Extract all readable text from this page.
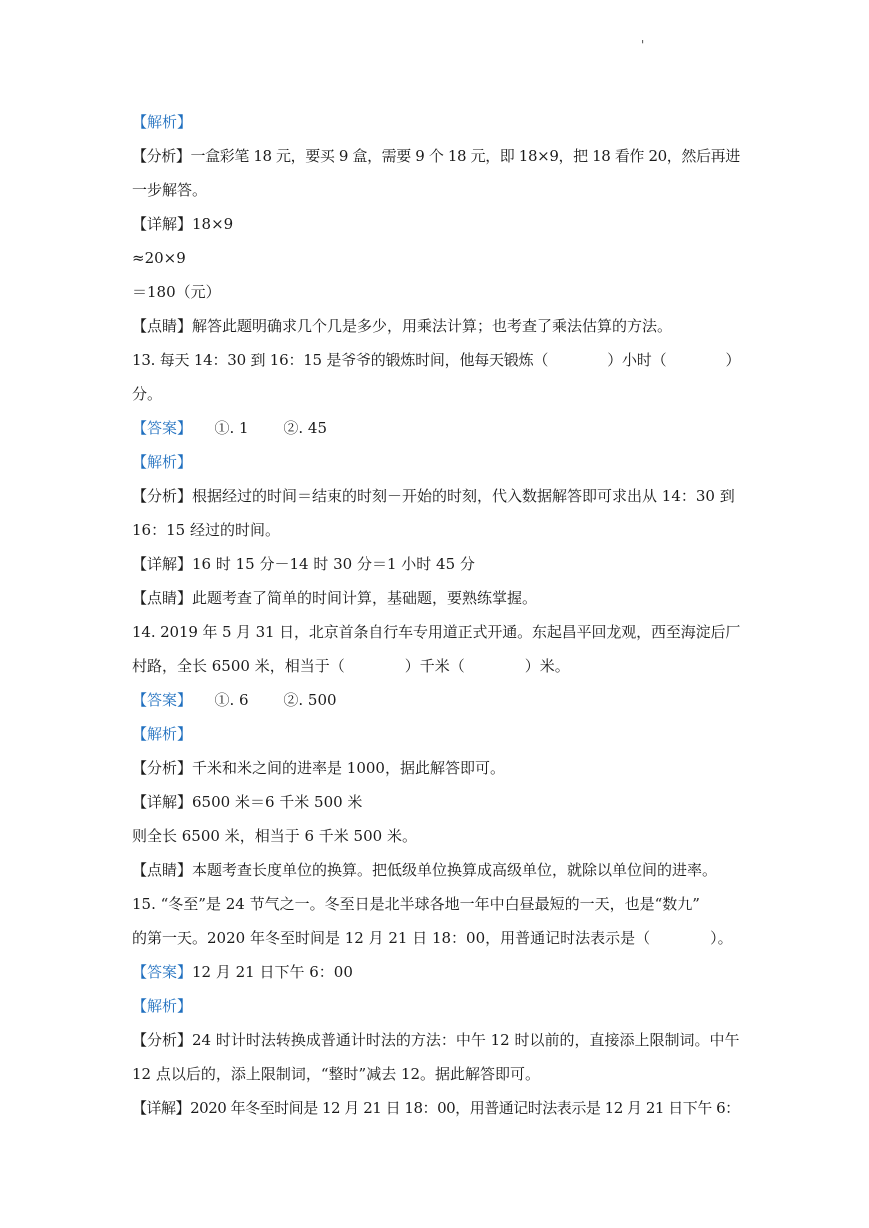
'
【解析】
【分析】一盒彩笔 18 元，要买 9 盒，需要 9 个 18 元，即 18×9，把 18 看作 20，然后再进
一步解答。
【详解】18×9
≈20×9
＝180（元）
【点睛】解答此题明确求几个几是多少，用乘法计算；也考查了乘法估算的方法。
13. 每天 14：30 到 16：15 是爷爷的锻炼时间，他每天锻炼（　　　　）小时（　　　　）
分。
【答案】　　①. 1　　 ②. 45
【解析】
【分析】根据经过的时间＝结束的时刻－开始的时刻，代入数据解答即可求出从 14：30 到
16：15 经过的时间。
【详解】16 时 15 分－14 时 30 分＝1 小时 45 分
【点睛】此题考查了简单的时间计算，基础题，要熟练掌握。
14. 2019 年 5 月 31 日，北京首条自行车专用道正式开通。东起昌平回龙观，西至海淀后厂
村路，全长 6500 米，相当于（　　　　）千米（　　　　）米。
【答案】　　①. 6　　 ②. 500
【解析】
【分析】千米和米之间的进率是 1000，据此解答即可。
【详解】6500 米＝6 千米 500 米
则全长 6500 米，相当于 6 千米 500 米。
【点睛】本题考查长度单位的换算。把低级单位换算成高级单位，就除以单位间的进率。
15. “冬至”是 24 节气之一。冬至日是北半球各地一年中白昼最短的一天，也是“数九”
的第一天。2020 年冬至时间是 12 月 21 日 18：00，用普通记时法表示是（　　　　）。
【答案】12 月 21 日下午 6：00
【解析】
【分析】24 时计时法转换成普通计时法的方法：中午 12 时以前的，直接添上限制词。中午
12 点以后的，添上限制词，“整时”减去 12。据此解答即可。
【详解】2020 年冬至时间是 12 月 21 日 18：00，用普通记时法表示是 12 月 21 日下午 6：
